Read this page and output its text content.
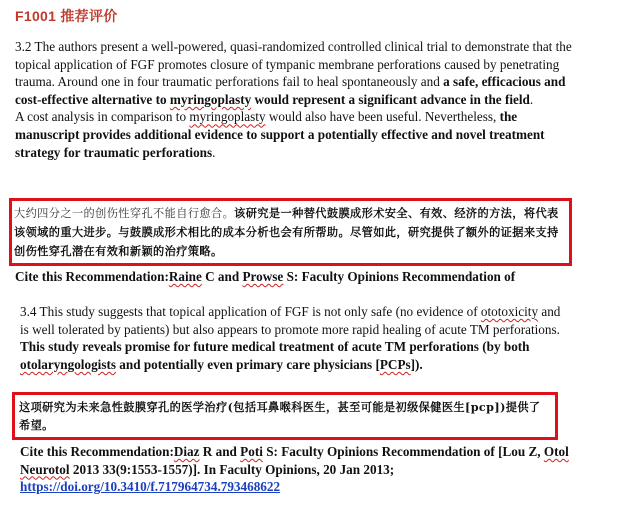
F1001 推荐评价
3.2 The authors present a well-powered, quasi-randomized controlled clinical trial to demonstrate that the topical application of FGF promotes closure of tympanic membrane perforations caused by penetrating trauma. Around one in four traumatic perforations fail to heal spontaneously and a safe, efficacious and cost-effective alternative to myringoplasty would represent a significant advance in the field.
A cost analysis in comparison to myringoplasty would also have been useful. Nevertheless, the manuscript provides additional evidence to support a potentially effective and novel treatment strategy for traumatic perforations.
大约四分之一的创伤性穿孔不能自行愈合。该研究是一种替代鼓膜成形术安全、有效、经济的方法，将代表该领域的重大进步。与鼓膜成形术相比的成本分析也会有所帮助。尽管如此，研究提供了额外的证据来支持创伤性穿孔潜在有效和新颖的治疗策略。
Cite this Recommendation:Raine C and Prowse S: Faculty Opinions Recommendation of
3.4 This study suggests that topical application of FGF is not only safe (no evidence of ototoxicity and is well tolerated by patients) but also appears to promote more rapid healing of acute TM perforations. This study reveals promise for future medical treatment of acute TM perforations (by both otolaryngologists and potentially even primary care physicians [PCPs]).
这项研究为未来急性鼓膜穿孔的医学治疗(包括耳鼻喉科医生，甚至可能是初级保健医生[pcp])提供了希望。
Cite this Recommendation:Diaz R and Poti S: Faculty Opinions Recommendation of [Lou Z, Otol Neurotol 2013 33(9:1553-1557)]. In Faculty Opinions, 20 Jan 2013;
https://doi.org/10.3410/f.717964734.793468622
